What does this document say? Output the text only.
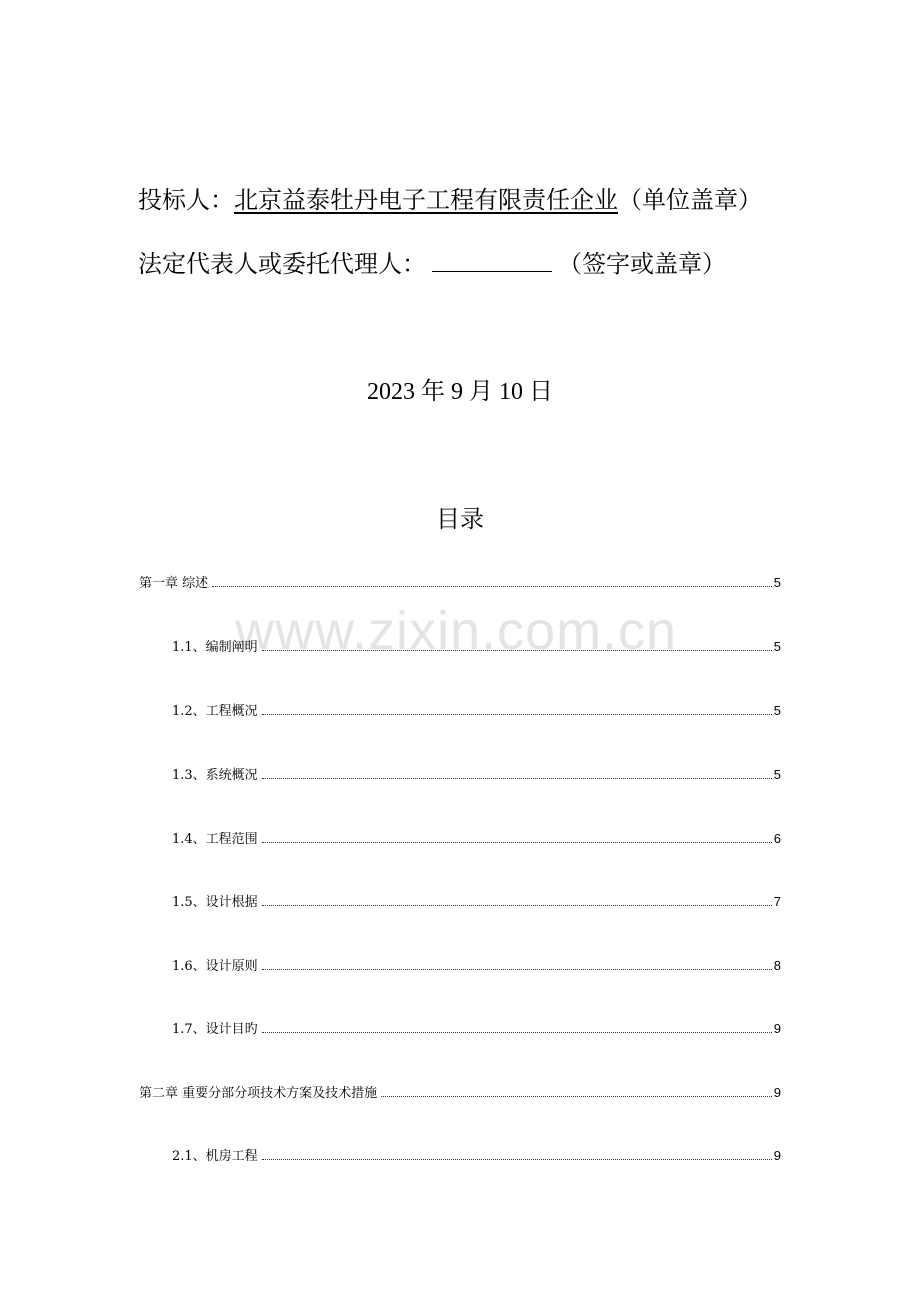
www.zixin.com.cn
投标人：北京益泰牡丹电子工程有限责任企业（单位盖章）
法定代表人或委托代理人：	（签字或盖章）
2023 年 9 月 10 日
目录
第一章 综述	5
1.1、编制阐明	5
1.2、工程概况	5
1.3、系统概况	5
1.4、工程范围	6
1.5、设计根据	7
1.6、设计原则	8
1.7、设计目旳	9
第二章 重要分部分项技术方案及技术措施	9
2.1、机房工程	9
